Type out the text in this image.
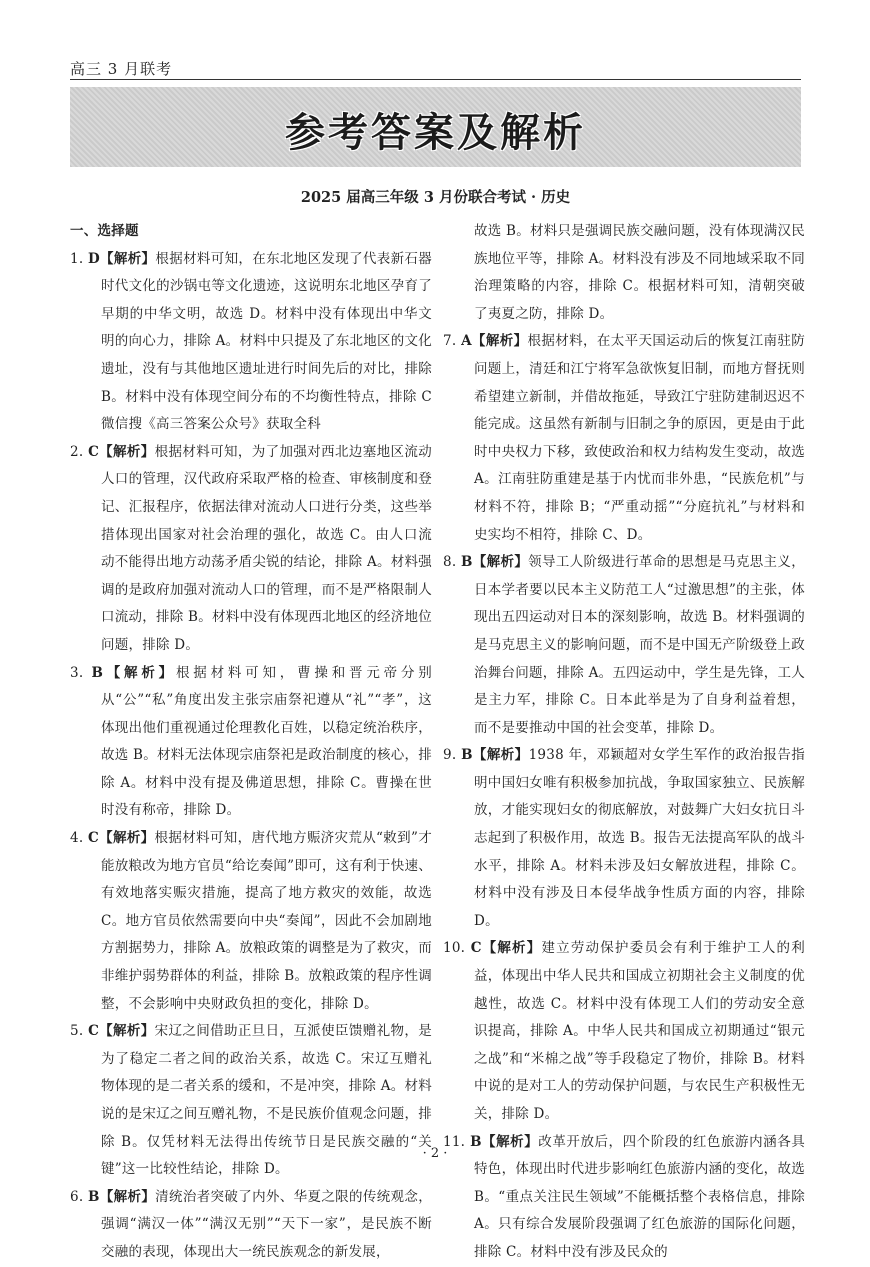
高三 3 月联考
参考答案及解析
2025 届高三年级 3 月份联合考试 · 历史
一、选择题
1. D【解析】根据材料可知，在东北地区发现了代表新石器时代文化的沙锅屯等文化遗迹，这说明东北地区孕育了早期的中华文明，故选 D。材料中没有体现出中华文明的向心力，排除 A。材料中只提及了东北地区的文化遗址，没有与其他地区遗址进行时间先后的对比，排除 B。材料中没有体现空间分布的不均衡性特点，排除 C 微信搜《高三答案公众号》获取全科
2. C【解析】根据材料可知，为了加强对西北边塞地区流动人口的管理，汉代政府采取严格的检查、审核制度和登记、汇报程序，依据法律对流动人口进行分类，这些举措体现出国家对社会治理的强化，故选 C。由人口流动不能得出地方动荡矛盾尖锐的结论，排除 A。材料强调的是政府加强对流动人口的管理，而不是严格限制人口流动，排除 B。材料中没有体现西北地区的经济地位问题，排除 D。
3. B【解析】根据材料可知，曹操和晋元帝分别从“公”“私”角度出发主张宗庙祭祀遵从“礼”“孝”，这体现出他们重视通过伦理教化百姓，以稳定统治秩序，故选 B。材料无法体现宗庙祭祀是政治制度的核心，排除 A。材料中没有提及佛道思想，排除 C。曹操在世时没有称帝，排除 D。
4. C【解析】根据材料可知，唐代地方赈济灾荒从“敕到”才能放粮改为地方官员“给讫奏闻”即可，这有利于快速、有效地落实赈灾措施，提高了地方救灾的效能，故选 C。地方官员依然需要向中央“奏闻”，因此不会加剧地方割据势力，排除 A。放粮政策的调整是为了救灾，而非维护弱势群体的利益，排除 B。放粮政策的程序性调整，不会影响中央财政负担的变化，排除 D。
5. C【解析】宋辽之间借助正旦日，互派使臣馈赠礼物，是为了稳定二者之间的政治关系，故选 C。宋辽互赠礼物体现的是二者关系的缓和，不是冲突，排除 A。材料说的是宋辽之间互赠礼物，不是民族价值观念问题，排除 B。仅凭材料无法得出传统节日是民族交融的“关键”这一比较性结论，排除 D。
6. B【解析】清统治者突破了内外、华夏之限的传统观念，强调“满汉一体”“满汉无别”“天下一家”，是民族不断交融的表现，体现出大一统民族观念的新发展，
故选 B。材料只是强调民族交融问题，没有体现满汉民族地位平等，排除 A。材料没有涉及不同地域采取不同治理策略的内容，排除 C。根据材料可知，清朝突破了夷夏之防，排除 D。
7. A【解析】根据材料，在太平天国运动后的恢复江南驻防问题上，清廷和江宁将军急欲恢复旧制，而地方督抚则希望建立新制，并借故拖延，导致江宁驻防建制迟迟不能完成。这虽然有新制与旧制之争的原因，更是由于此时中央权力下移，致使政治和权力结构发生变动，故选 A。江南驻防重建是基于内忧而非外患，“民族危机”与材料不符，排除 B；“严重动摇”“分庭抗礼”与材料和史实均不相符，排除 C、D。
8. B【解析】领导工人阶级进行革命的思想是马克思主义，日本学者要以民本主义防范工人“过激思想”的主张，体现出五四运动对日本的深刻影响，故选 B。材料强调的是马克思主义的影响问题，而不是中国无产阶级登上政治舞台问题，排除 A。五四运动中，学生是先锋，工人是主力军，排除 C。日本此举是为了自身利益着想，而不是要推动中国的社会变革，排除 D。
9. B【解析】1938 年，邓颖超对女学生军作的政治报告指明中国妇女唯有积极参加抗战，争取国家独立、民族解放，才能实现妇女的彻底解放，对鼓舞广大妇女抗日斗志起到了积极作用，故选 B。报告无法提高军队的战斗水平，排除 A。材料未涉及妇女解放进程，排除 C。材料中没有涉及日本侵华战争性质方面的内容，排除 D。
10. C【解析】建立劳动保护委员会有利于维护工人的利益，体现出中华人民共和国成立初期社会主义制度的优越性，故选 C。材料中没有体现工人们的劳动安全意识提高，排除 A。中华人民共和国成立初期通过“银元之战”和“米棉之战”等手段稳定了物价，排除 B。材料中说的是对工人的劳动保护问题，与农民生产积极性无关，排除 D。
11. B【解析】改革开放后，四个阶段的红色旅游内涵各具特色，体现出时代进步影响红色旅游内涵的变化，故选 B。“重点关注民生领域”不能概括整个表格信息，排除 A。只有综合发展阶段强调了红色旅游的国际化问题，排除 C。材料中没有涉及民众的
· 2 ·
